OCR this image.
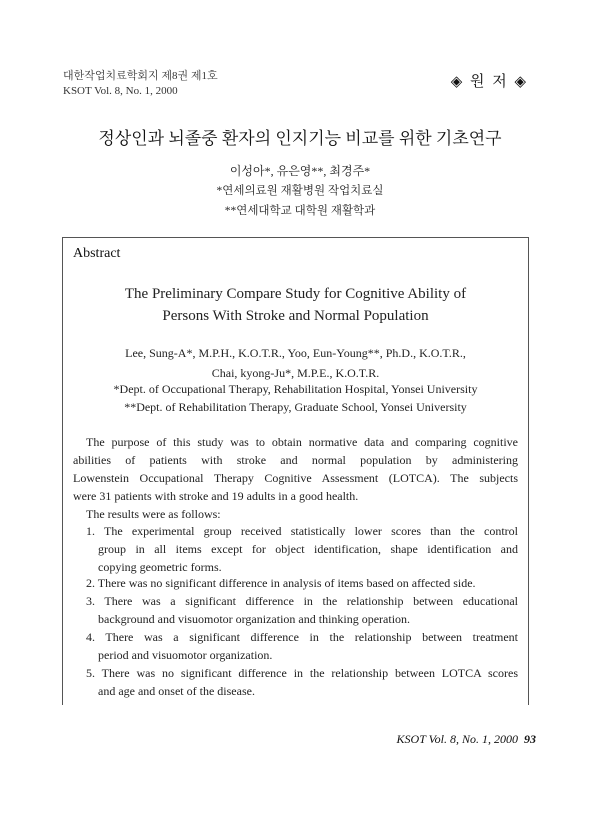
대한작업치료학회지 제8권 제1호
KSOT Vol. 8, No. 1, 2000
◈ 원 저 ◈
정상인과 뇌졸중 환자의 인지기능 비교를 위한 기초연구
이성아*, 유은영**, 최경주*
*연세의료원 재활병원 작업치료실
**연세대학교 대학원 재활학과
Abstract
The Preliminary Compare Study for Cognitive Ability of
Persons With Stroke and Normal Population
Lee, Sung-A*, M.P.H., K.O.T.R., Yoo, Eun-Young**, Ph.D., K.O.T.R.,
Chai, kyong-Ju*, M.P.E., K.O.T.R.
*Dept. of Occupational Therapy, Rehabilitation Hospital, Yonsei University
**Dept. of Rehabilitation Therapy, Graduate School, Yonsei University
The purpose of this study was to obtain normative data and comparing cognitive
abilities of patients with stroke and normal population by administering
Lowenstein Occupational Therapy Cognitive Assessment (LOTCA). The subjects
were 31 patients with stroke and 19 adults in a good health.
The results were as follows:
1. The experimental group received statistically lower scores than the control
group in all items except for object identification, shape identification and
copying geometric forms.
2. There was no significant difference in analysis of items based on affected side.
3. There was a significant difference in the relationship between educational
background and visuomotor organization and thinking operation.
4. There was a significant difference in the relationship between treatment
period and visuomotor organization.
5. There was no significant difference in the relationship between LOTCA scores
and age and onset of the disease.
KSOT Vol. 8, No. 1, 2000 93
